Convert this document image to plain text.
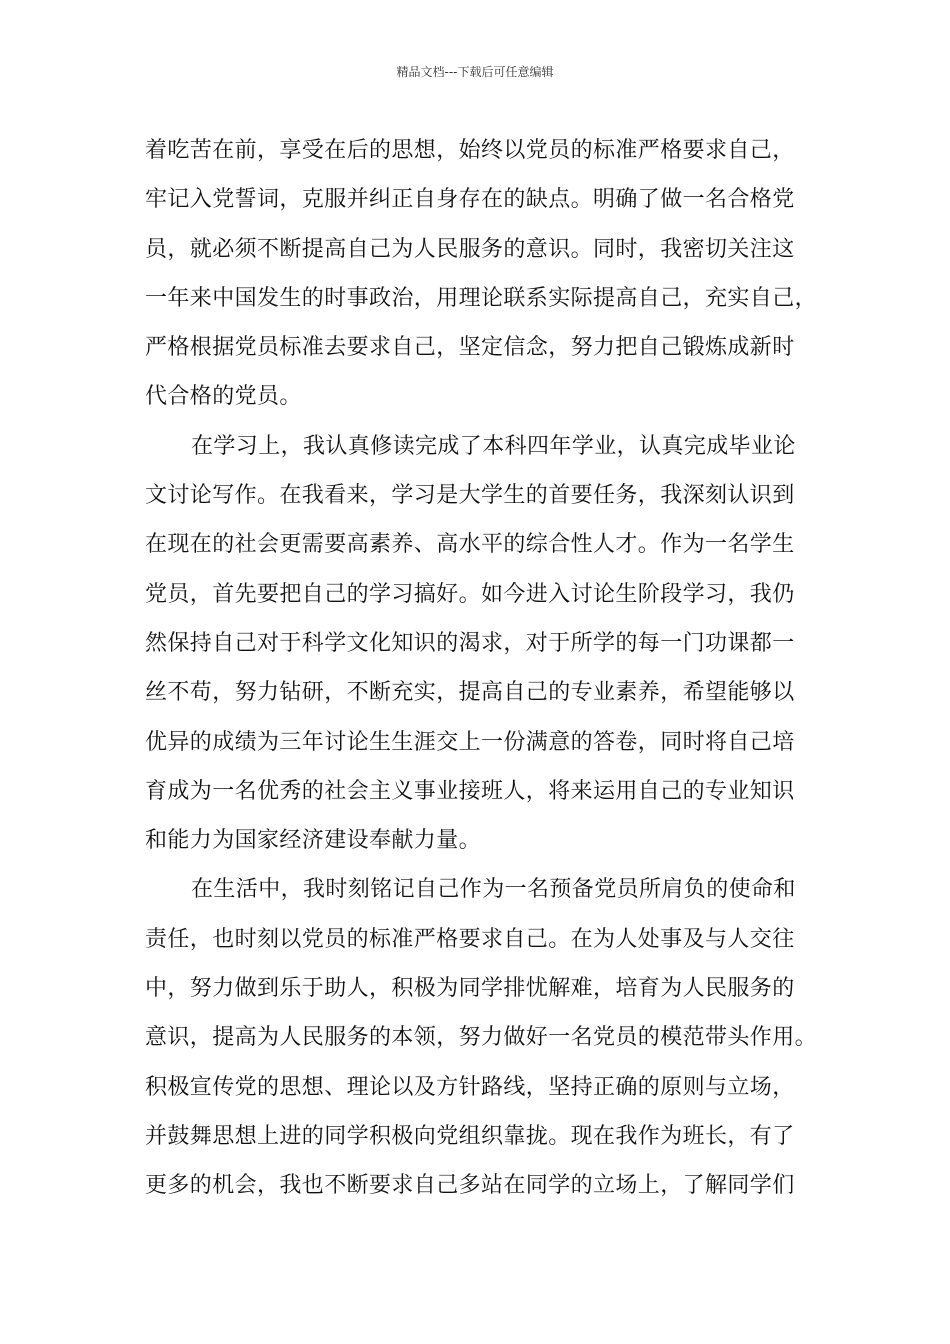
精品文档---下载后可任意编辑
着吃苦在前，享受在后的思想，始终以党员的标准严格要求自己，
牢记入党誓词，克服并纠正自身存在的缺点。明确了做一名合格党
员，就必须不断提高自己为人民服务的意识。同时，我密切关注这
一年来中国发生的时事政治，用理论联系实际提高自己，充实自己，
严格根据党员标准去要求自己，坚定信念，努力把自己锻炼成新时
代合格的党员。
在学习上，我认真修读完成了本科四年学业，认真完成毕业论
文讨论写作。在我看来，学习是大学生的首要任务，我深刻认识到
在现在的社会更需要高素养、高水平的综合性人才。作为一名学生
党员，首先要把自己的学习搞好。如今进入讨论生阶段学习，我仍
然保持自己对于科学文化知识的渴求，对于所学的每一门功课都一
丝不苟，努力钻研，不断充实，提高自己的专业素养，希望能够以
优异的成绩为三年讨论生生涯交上一份满意的答卷，同时将自己培
育成为一名优秀的社会主义事业接班人，将来运用自己的专业知识
和能力为国家经济建设奉献力量。
在生活中，我时刻铭记自己作为一名预备党员所肩负的使命和
责任，也时刻以党员的标准严格要求自己。在为人处事及与人交往
中，努力做到乐于助人，积极为同学排忧解难，培育为人民服务的
意识，提高为人民服务的本领，努力做好一名党员的模范带头作用。
积极宣传党的思想、理论以及方针路线，坚持正确的原则与立场，
并鼓舞思想上进的同学积极向党组织靠拢。现在我作为班长，有了
更多的机会，我也不断要求自己多站在同学的立场上，了解同学们
